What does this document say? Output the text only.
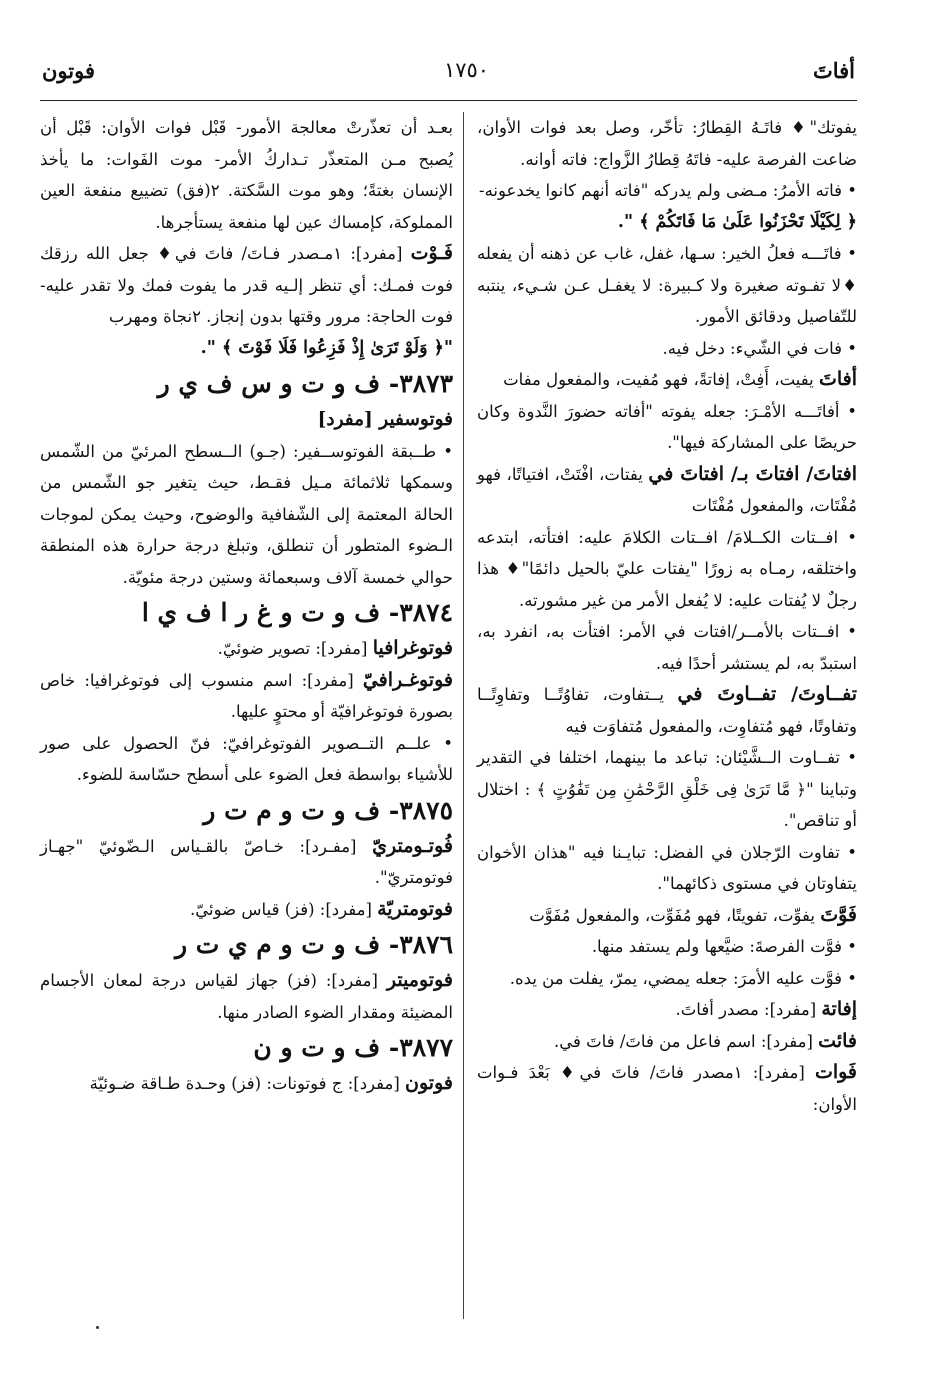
أفاتَ
١٧٥٠
فوتون

يفوتك"♦ فاتَـهُ القِطارُ: تأخّر، وصل بعد فوات الأوان، ضاعت الفرصة عليه- فاتَهُ قِطارُ الزَّواج: فاته أوانه.

• فاته الأمرُ: مـضى ولم يدركه "فاته أنهم كانوا يخدعونه-

﴿ لِكَيْلَا تَحْزَنُوا عَلَىٰ مَا فَاتَكُمْ ﴾ ".

• فاتَـــه فعلُ الخير: سـها، غفل، غاب عن ذهنه أن يفعله ♦لا تفـوته صغيرة ولا كـبيرة: لا يغفـل عـن شـيء، ينتبه للتّفاصيل ودقائق الأمور.

• فات في الشّيء: دخل فيه.

أفاتَ يفيت، أَفِتْ، إفاتةً، فهو مُفيت، والمفعول مفات

• أفاتَـــه الأمْـرَ: جعله يفوته "أفاته حضورَ النَّدوة وكان حريصًا على المشاركة فيها".

افتاتَ/ افتاتَ بـ/ افتاتَ في يفتات، افْتَتْ، افتياتًا، فهو مُفْتَات، والمفعول مُفْتَات

• افــتات الكــلامَ/ افــتات الكلامَ عليه: افتأته، ابتدعه واختلقه، رمـاه به زورًا "يفتات عليّ بالحيل دائمًا"♦ هذا رجلٌ لا يُفتات عليه: لا يُفعل الأمر من غير مشورته.

• افــتات بالأمــر/افتات في الأمر: افتأت به، انفرد به، استبدّ به، لم يستشر أحدًا فيه.

تفــاوتَ/ تفــاوتَ في يــتفاوت، تفاوُتًــا وتفاوِتًــا وتفاوتًا، فهو مُتفاوِت، والمفعول مُتفاوَت فيه

• تفــاوت الــشَّيْئان: تباعد ما بينهما، اختلفا في التقدير وتباينا "﴿ مَّا تَرَىٰ فِى خَلْقِ الرَّحْمَٰنِ مِن تَفَٰوُتٍ ﴾ : اختلال أو تناقص".

• تفاوت الرّجلان في الفضل: تبايـنا فيه "هذان الأخوان يتفاوتان في مستوى ذكائهما".

فَوَّتَ يفوِّت، تفويتًا، فهو مُفَوِّت، والمفعول مُفَوَّت

• فوَّت الفرصةَ: ضيَّعها ولم يستفد منها.

• فوَّت عليه الأمرَ: جعله يمضي، يمرّ، يفلت من يده.

إفاتة [مفرد]: مصدر أفاتَ.

فائت [مفرد]: اسم فاعل من فاتَ/ فاتَ في.

فَوات [مفرد]: ١مصدر فاتَ/ فاتَ في♦ بَعْدَ فـوات الأوان:

بعـد أن تعذّرتْ معالجة الأمور- قَبْل فوات الأوان: قَبْل أن يُصبح مـن المتعذّر تـداركُ الأمر- موت الفَوات: ما يأخذ الإنسان بغتةً؛ وهو موت السَّكتة. ٢(فق) تضييع منفعة العين المملوكة، كإمساك عين لها منفعة يستأجرها.

فَـوْت [مفرد]: ١مـصدر فـاتَ/ فاتَ في♦ جعل الله رزقك فوت فمـك: أي تنظر إلـيه قدر ما يفوت فمك ولا تقدر عليه- فوت الحاجة: مرور وقتها بدون إنجاز. ٢نجاة ومهرب

"﴿ وَلَوْ تَرَىٰ إِذْ فَزِعُوا فَلَا فَوْتَ ﴾ ".

٣٨٧٣- ف و ت و س ف ي ر

فوتوسفير [مفرد]

• طــبقة الفوتوســفير: (جـو) الــسطح المرئيّ من الشّمس وسمكها ثلاثمائة مـيل فقـط، حيث يتغير جو الشّمس من الحالة المعتمة إلى الشّفافية والوضوح، وحيث يمكن لموجات الـضوء المتطور أن تنطلق، وتبلغ درجة حرارة هذه المنطقة حوالي خمسة آلاف وسبعمائة وستين درجة مئويّة.

٣٨٧٤- ف و ت و غ ر ا ف ي ا

فوتوغرافيا [مفرد]: تصوير ضوئيّ.

فوتوغـرافيّ [مفرد]: اسم منسوب إلى فوتوغرافيا: خاص بصورة فوتوغرافيّة أو محتوٍ عليها.

• علــم التــصوير الفوتوغرافيّ: فنّ الحصول على صور للأشياء بواسطة فعل الضوء على أسطح حسّاسة للضوء.

٣٨٧٥- ف و ت و م ت ر

فُوتـومتريّ [مفـرد]: خـاصّ بالقـياس الـضّوئيّ "جهـاز فوتومتريّ".

فوتومتريّة [مفرد]: (فز) قياس ضوئيّ.

٣٨٧٦- ف و ت و م ي ت ر

فوتوميتر [مفرد]: (فز) جهاز لقياس درجة لمعان الأجسام المضيئة ومقدار الضوء الصادر منها.

٣٨٧٧- ف و ت و ن

فوتون [مفرد]: ج فوتونات: (فز) وحـدة طـاقة ضـوئيّة
